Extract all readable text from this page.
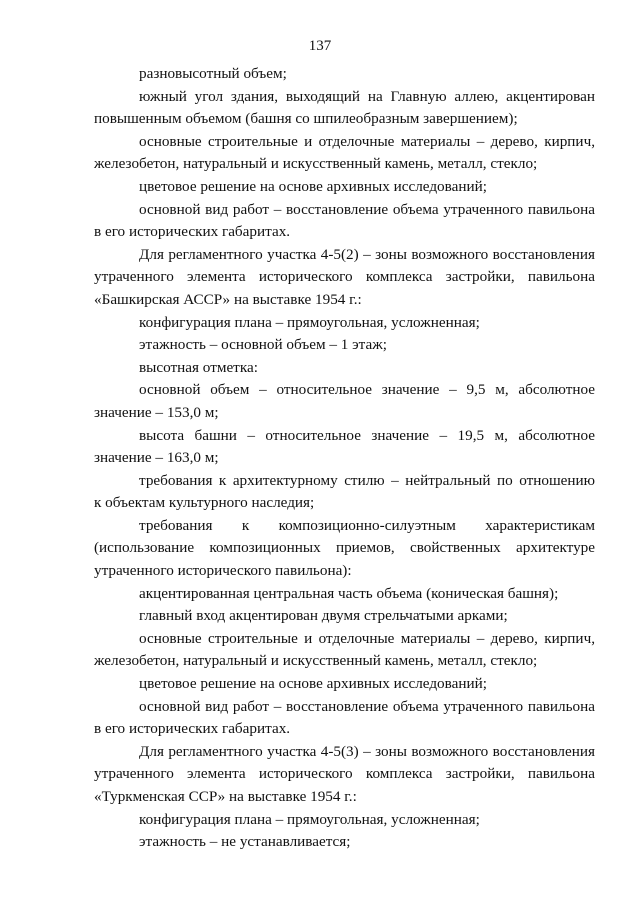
137
разновысотный объем;
южный угол здания, выходящий на Главную аллею, акцентирован
повышенным объемом (башня со шпилеобразным завершением);
основные строительные и отделочные материалы – дерево, кирпич,
железобетон, натуральный и искусственный камень, металл, стекло;
цветовое решение на основе архивных исследований;
основной вид работ – восстановление объема утраченного павильона
в его исторических габаритах.
Для регламентного участка 4-5(2) – зоны возможного восстановления
утраченного элемента исторического комплекса застройки, павильона
«Башкирская АССР» на выставке 1954 г.:
конфигурация плана – прямоугольная, усложненная;
этажность – основной объем – 1 этаж;
высотная отметка:
основной объем – относительное значение – 9,5 м, абсолютное
значение – 153,0 м;
высота башни – относительное значение – 19,5 м, абсолютное
значение – 163,0 м;
требования к архитектурному стилю – нейтральный по отношению
к объектам культурного наследия;
требования к композиционно-силуэтным характеристикам
(использование композиционных приемов, свойственных архитектуре
утраченного исторического павильона):
акцентированная центральная часть объема (коническая башня);
главный вход акцентирован двумя стрельчатыми арками;
основные строительные и отделочные материалы – дерево, кирпич,
железобетон, натуральный и искусственный камень, металл, стекло;
цветовое решение на основе архивных исследований;
основной вид работ – восстановление объема утраченного павильона
в его исторических габаритах.
Для регламентного участка 4-5(3) – зоны возможного восстановления
утраченного элемента исторического комплекса застройки, павильона
«Туркменская ССР» на выставке 1954 г.:
конфигурация плана – прямоугольная, усложненная;
этажность – не устанавливается;
